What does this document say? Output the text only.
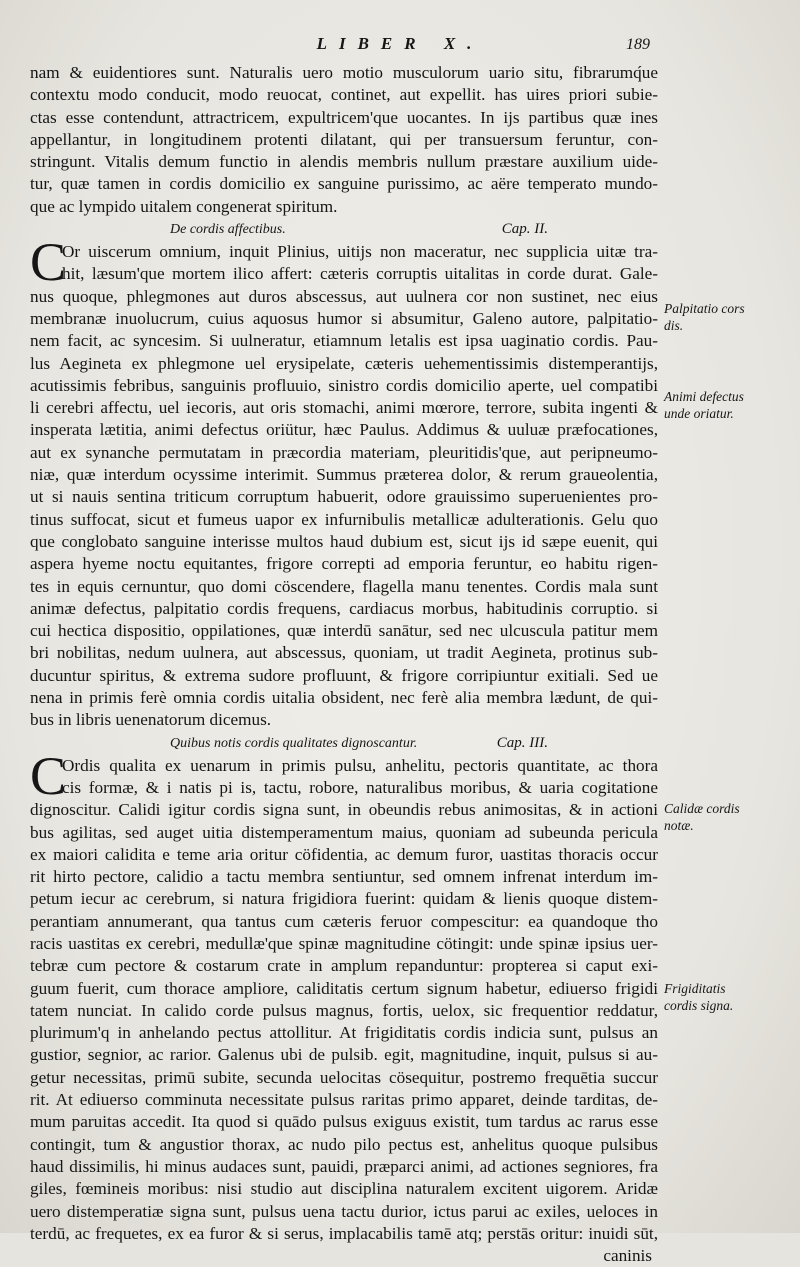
LIBER X.	189
nam & euidentiores sunt. Naturalis uero motio musculorum uario situ, fibrarumq́ue
contextu modo conducit, modo reuocat, continet, aut expellit. has uires priori subie-
ctas esse contendunt, attractricem, expultricem'que uocantes. In ijs partibus quæ ines
appellantur, in longitudinem protenti dilatant, qui per transuersum feruntur, con-
stringunt. Vitalis demum functio in alendis membris nullum præstare auxilium uide-
tur, quæ tamen in cordis domicilio ex sanguine purissimo, ac aëre temperato mundo-
que ac lympido uitalem congenerat spiritum.
De cordis affectibus.	Cap. II.
C
Or uiscerum omnium, inquit Plinius, uitijs non maceratur, nec supplicia uitæ tra-
hit, læsum'que mortem ilico affert: cæteris corruptis uitalitas in corde durat. Gale-
nus quoque, phlegmones aut duros abscessus, aut uulnera cor non sustinet, nec eius
membranæ inuolucrum, cuius aquosus humor si absumitur, Galeno autore, palpitatio-
nem facit, ac syncesim. Si uulneratur, etiamnum letalis est ipsa uaginatio cordis. Pau-
lus Aegineta ex phlegmone uel erysipelate, cæteris uehementissimis distemperantijs,
acutissimis febribus, sanguinis profluuio, sinistro cordis domicilio aperte, uel compatibi
li cerebri affectu, uel iecoris, aut oris stomachi, animi mœrore, terrore, subita ingenti &
insperata lætitia, animi defectus oriütur, hæc Paulus. Addimus & uuluæ præfocationes,
aut ex synanche permutatam in præcordia materiam, pleuritidis'que, aut peripneumo-
niæ, quæ interdum ocyssime interimit. Summus præterea dolor, & rerum graueolentia,
ut si nauis sentina triticum corruptum habuerit, odore grauissimo superuenientes pro-
tinus suffocat, sicut et fumeus uapor ex infurnibulis metallicæ adulterationis. Gelu quo
que conglobato sanguine interisse multos haud dubium est, sicut ijs id sæpe euenit, qui
aspera hyeme noctu equitantes, frigore correpti ad emporia feruntur, eo habitu rigen-
tes in equis cernuntur, quo domi cöscendere, flagella manu tenentes. Cordis mala sunt
animæ defectus, palpitatio cordis frequens, cardiacus morbus, habitudinis corruptio. si
cui hectica dispositio, oppilationes, quæ interdū sanātur, sed nec ulcuscula patitur mem
bri nobilitas, nedum uulnera, aut abscessus, quoniam, ut tradit Aegineta, protinus sub-
ducuntur spiritus, & extrema sudore profluunt, & frigore corripiuntur exitiali. Sed ue
nena in primis ferè omnia cordis uitalia obsident, nec ferè alia membra lædunt, de qui-
bus in libris uenenatorum dicemus.
Quibus notis cordis qualitates dignoscantur.	Cap. III.
C
Ordis qualita ex uenarum in primis pulsu, anhelitu, pectoris quantitate, ac thora
cis formæ, & i natis pi is, tactu, robore, naturalibus moribus, & uaria cogitatione
dignoscitur. Calidi igitur cordis signa sunt, in obeundis rebus animositas, & in actioni
bus agilitas, sed auget uitia distemperamentum maius, quoniam ad subeunda pericula
ex maiori calidita e teme aria oritur cöfidentia, ac demum furor, uastitas thoracis occur
rit hirto pectore, calidio a tactu membra sentiuntur, sed omnem infrenat interdum im-
petum iecur ac cerebrum, si natura frigidiora fuerint: quidam & lienis quoque distem-
perantiam annumerant, qua tantus cum cæteris feruor compescitur: ea quandoque tho
racis uastitas ex cerebri, medullæ'que spinæ magnitudine cötingit: unde spinæ ipsius uer-
tebræ cum pectore & costarum crate in amplum repanduntur: propterea si caput exi-
guum fuerit, cum thorace ampliore, caliditatis certum signum habetur, ediuerso frigidi
tatem nunciat. In calido corde pulsus magnus, fortis, uelox, sic frequentior reddatur,
plurimum'q in anhelando pectus attollitur. At frigiditatis cordis indicia sunt, pulsus an
gustior, segnior, ac rarior. Galenus ubi de pulsib. egit, magnitudine, inquit, pulsus si au-
getur necessitas, primū subite, secunda uelocitas cösequitur, postremo frequētia succur
rit. At ediuerso comminuta necessitate pulsus raritas primo apparet, deinde tarditas, de-
mum paruitas accedit. Ita quod si quādo pulsus exiguus existit, tum tardus ac rarus esse
contingit, tum & angustior thorax, ac nudo pilo pectus est, anhelitus quoque pulsibus
haud dissimilis, hi minus audaces sunt, pauidi, præparci animi, ad actiones segniores, fra
giles, fœmineis moribus: nisi studio aut disciplina naturalem excitent uigorem. Aridæ
uero distemperatiæ signa sunt, pulsus uena tactu durior, ictus parui ac exiles, ueloces in
terdū, ac frequetes, ex ea furor & si serus, implacabilis tamē atq; perstās oritur: inuidi sūt,
caninis
Palpitatio cors
dis.
Animi defectus
unde oriatur.
Calidæ cordis
notæ.
Frigiditatis
cordis signa.
